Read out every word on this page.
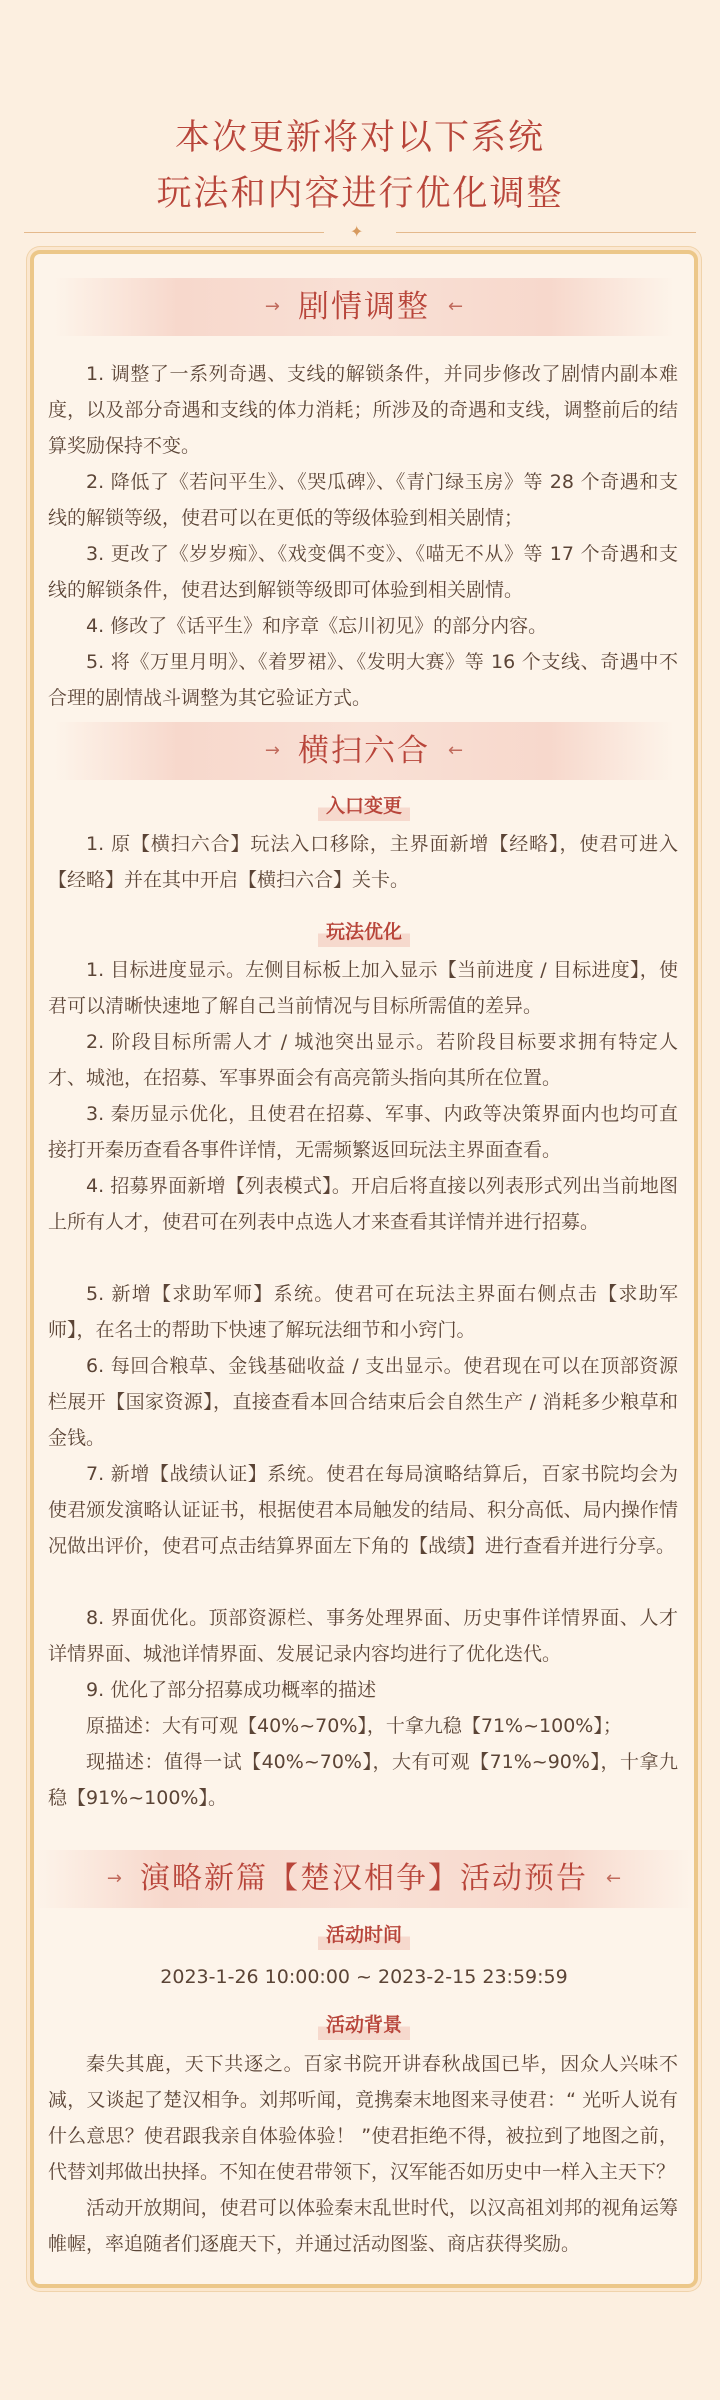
本次更新将对以下系统
玩法和内容进行优化调整
✦
→ 剧情调整 ←

1. 调整了一系列奇遇、支线的解锁条件，并同步修改了剧情内副本难度，以及部分奇遇和支线的体力消耗；所涉及的奇遇和支线，调整前后的结算奖励保持不变。

2. 降低了《若问平生》、《哭瓜碑》、《青门绿玉房》等 28 个奇遇和支线的解锁等级，使君可以在更低的等级体验到相关剧情；

3. 更改了《岁岁痴》、《戏变偶不变》、《喵无不从》等 17 个奇遇和支线的解锁条件，使君达到解锁等级即可体验到相关剧情。

4. 修改了《话平生》和序章《忘川初见》的部分内容。

5. 将《万里月明》、《着罗裙》、《发明大赛》等 16 个支线、奇遇中不合理的剧情战斗调整为其它验证方式。

→ 横扫六合 ←
入口变更

1. 原【横扫六合】玩法入口移除，主界面新增【经略】，使君可进入【经略】并在其中开启【横扫六合】关卡。

玩法优化

1. 目标进度显示。左侧目标板上加入显示【当前进度 / 目标进度】，使君可以清晰快速地了解自己当前情况与目标所需值的差异。

2. 阶段目标所需人才 / 城池突出显示。若阶段目标要求拥有特定人才、城池，在招募、军事界面会有高亮箭头指向其所在位置。

3. 秦历显示优化，且使君在招募、军事、内政等决策界面内也均可直接打开秦历查看各事件详情，无需频繁返回玩法主界面查看。

4. 招募界面新增【列表模式】。开启后将直接以列表形式列出当前地图上所有人才，使君可在列表中点选人才来查看其详情并进行招募。

5. 新增【求助军师】系统。使君可在玩法主界面右侧点击【求助军师】，在名士的帮助下快速了解玩法细节和小窍门。

6. 每回合粮草、金钱基础收益 / 支出显示。使君现在可以在顶部资源栏展开【国家资源】，直接查看本回合结束后会自然生产 / 消耗多少粮草和金钱。

7. 新增【战绩认证】系统。使君在每局演略结算后，百家书院均会为使君颁发演略认证证书，根据使君本局触发的结局、积分高低、局内操作情况做出评价，使君可点击结算界面左下角的【战绩】进行查看并进行分享。

8. 界面优化。顶部资源栏、事务处理界面、历史事件详情界面、人才详情界面、城池详情界面、发展记录内容均进行了优化迭代。

9. 优化了部分招募成功概率的描述

原描述：大有可观【40%~70%】，十拿九稳【71%~100%】；

现描述：值得一试【40%~70%】，大有可观【71%~90%】，十拿九稳【91%~100%】。

→ 演略新篇【楚汉相争】活动预告 ←
活动时间
2023-1-26 10:00:00 ~ 2023-2-15 23:59:59
活动背景

秦失其鹿，天下共逐之。百家书院开讲春秋战国已毕，因众人兴味不减，又谈起了楚汉相争。刘邦听闻，竟携秦末地图来寻使君：“ 光听人说有什么意思？使君跟我亲自体验体验！ ”使君拒绝不得，被拉到了地图之前，代替刘邦做出抉择。不知在使君带领下，汉军能否如历史中一样入主天下？

活动开放期间，使君可以体验秦末乱世时代，以汉高祖刘邦的视角运筹帷幄，率追随者们逐鹿天下，并通过活动图鉴、商店获得奖励。
